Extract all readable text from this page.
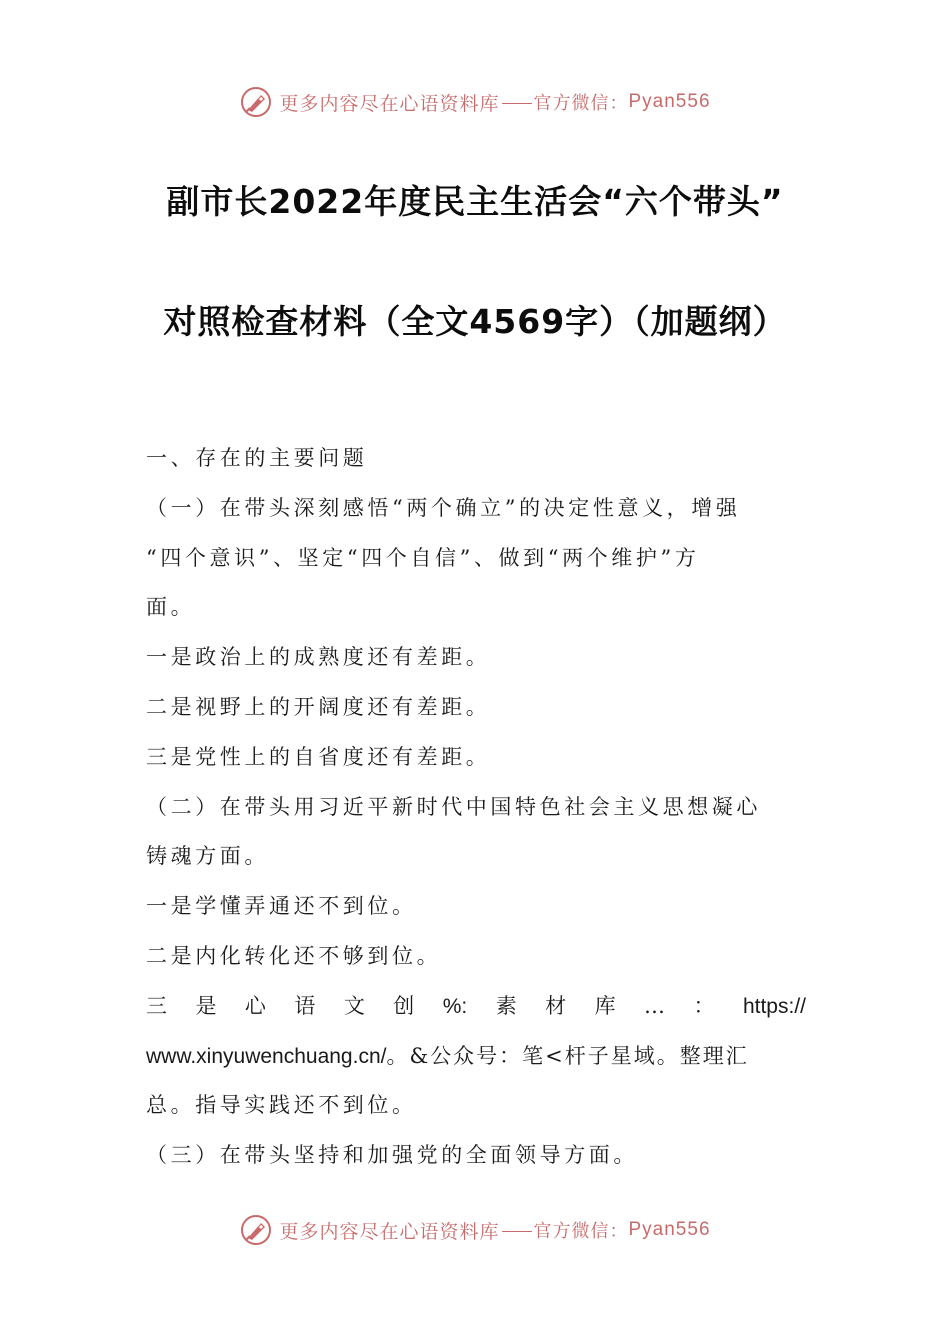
更多内容尽在心语资料库 官方微信： Pyan556
副市长2022年度民主生活会“六个带头”
对照检查材料（全文4569字）（加题纲）

一、存在的主要问题

（一）在带头深刻感悟“两个确立”的决定性意义，增强

“四个意识”、坚定“四个自信”、做到“两个维护”方

面。

一是政治上的成熟度还有差距。

二是视野上的开阔度还有差距。

三是党性上的自省度还有差距。

（二）在带头用习近平新时代中国特色社会主义思想凝心

铸魂方面。

一是学懂弄通还不到位。

二是内化转化还不够到位。

三 是 心 语 文 创 %: 素 材 库 … ： https://

www.xinyuwenchuang.cn/。&公众号：笔<杆子星域。整理汇

总。指导实践还不到位。

（三）在带头坚持和加强党的全面领导方面。

更多内容尽在心语资料库 官方微信： Pyan556
